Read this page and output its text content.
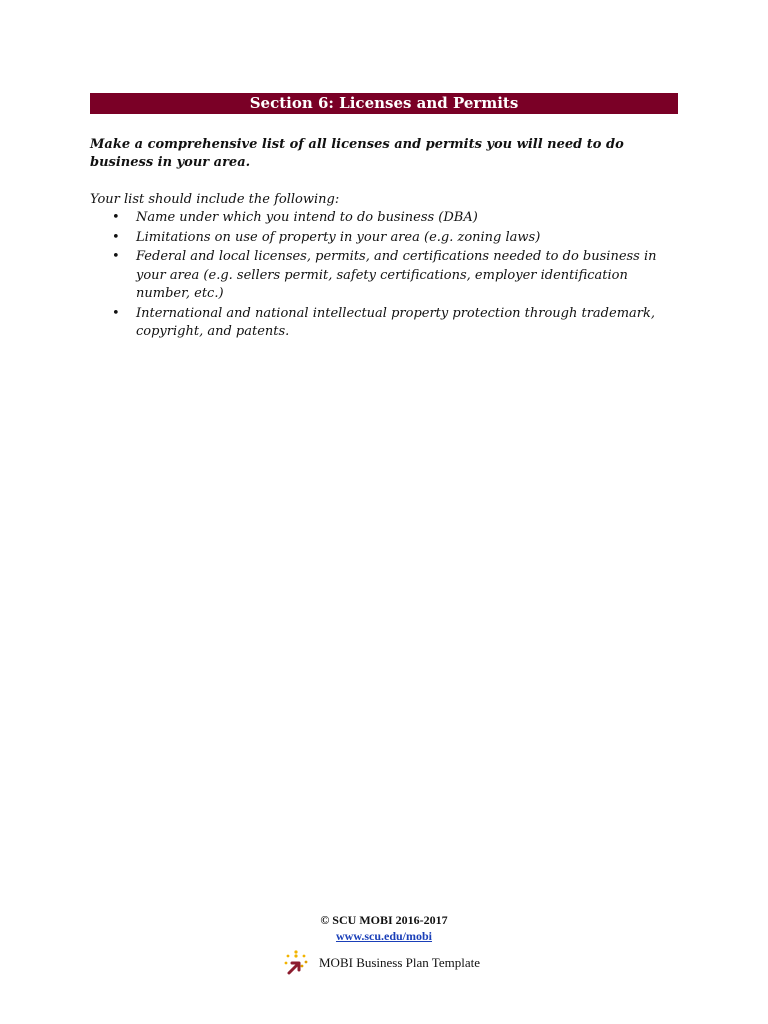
Section 6: Licenses and Permits

Make a comprehensive list of all licenses and permits you will need to do business in your area.

Your list should include the following:

• Name under which you intend to do business (DBA)
• Limitations on use of property in your area (e.g. zoning laws)
• Federal and local licenses, permits, and certifications needed to do business in your area (e.g. sellers permit, safety certifications, employer identification number, etc.)
• International and national intellectual property protection through trademark, copyright, and patents.
© SCU MOBI 2016-2017
www.scu.edu/mobi
MOBI Business Plan Template
